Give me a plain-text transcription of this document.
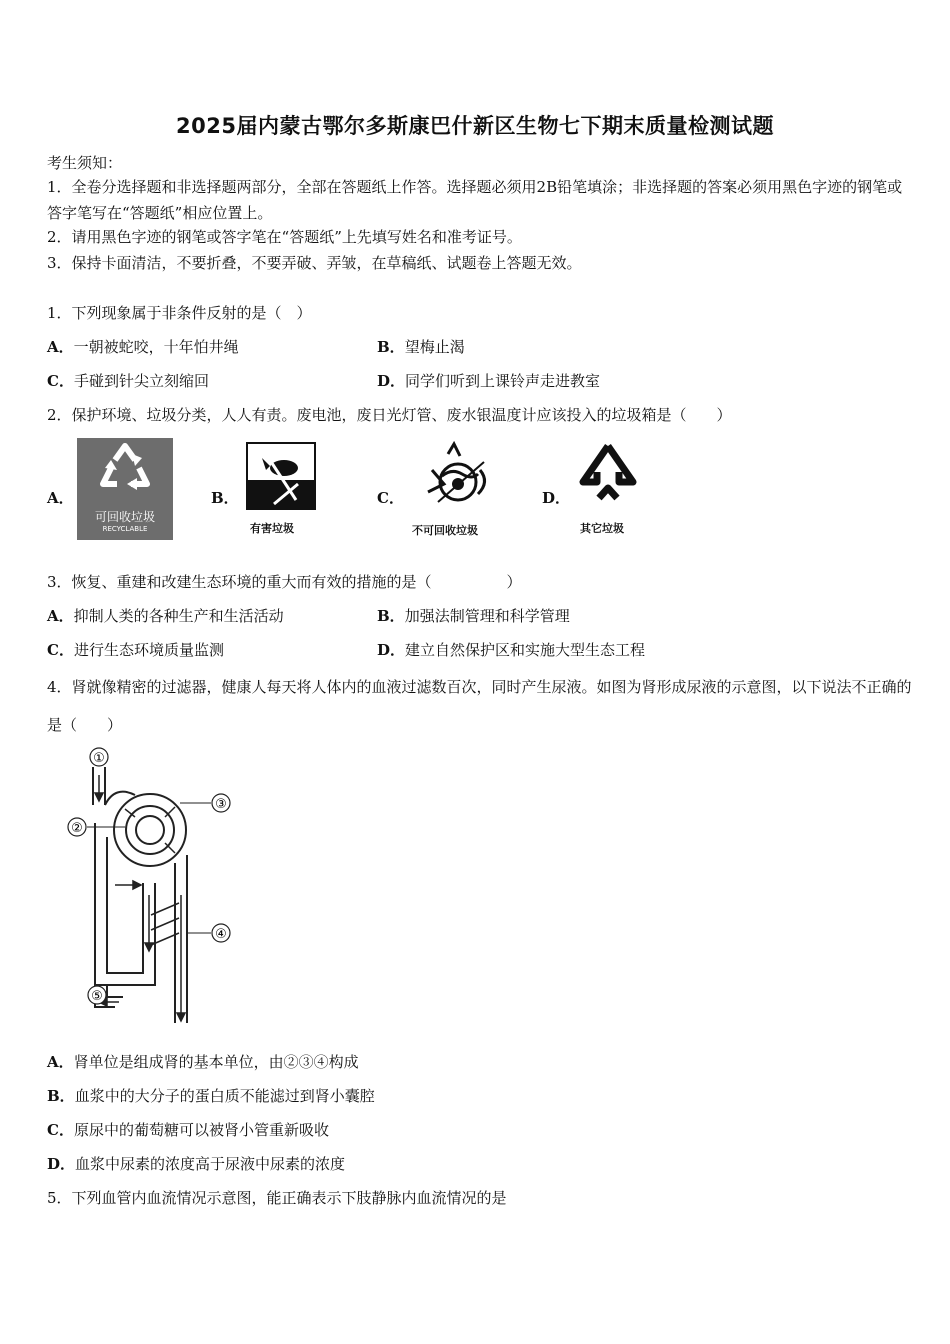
2025届内蒙古鄂尔多斯康巴什新区生物七下期末质量检测试题
考生须知：
1．全卷分选择题和非选择题两部分，全部在答题纸上作答。选择题必须用2B铅笔填涂；非选择题的答案必须用黑色字迹的钢笔或答字笔写在“答题纸”相应位置上。
2．请用黑色字迹的钢笔或答字笔在“答题纸”上先填写姓名和准考证号。
3．保持卡面清洁，不要折叠，不要弄破、弄皱，在草稿纸、试题卷上答题无效。
1．下列现象属于非条件反射的是（　）
A．一朝被蛇咬，十年怕井绳	B．望梅止渴
C．手碰到针尖立刻缩回	D．同学们听到上课铃声走进教室
2．保护环境、垃圾分类，人人有责。废电池，废日光灯管、废水银温度计应该投入的垃圾箱是（　　）
A．
可回收垃圾
RECYCLABLE
B．
有害垃圾
C．
不可回收垃圾
D．
其它垃圾
3．恢复、重建和改建生态环境的重大而有效的措施的是（　　　　　）
A．抑制人类的各种生产和生活活动	B．加强法制管理和科学管理
C．进行生态环境质量监测	D．建立自然保护区和实施大型生态工程
4．肾就像精密的过滤器，健康人每天将人体内的血液过滤数百次，同时产生尿液。如图为肾形成尿液的示意图，以下说法不正确的是（　　）
①
②
③
④
⑤
A．肾单位是组成肾的基本单位，由②③④构成
B．血浆中的大分子的蛋白质不能滤过到肾小囊腔
C．原尿中的葡萄糖可以被肾小管重新吸收
D．血浆中尿素的浓度高于尿液中尿素的浓度
5．下列血管内血流情况示意图，能正确表示下肢静脉内血流情况的是
